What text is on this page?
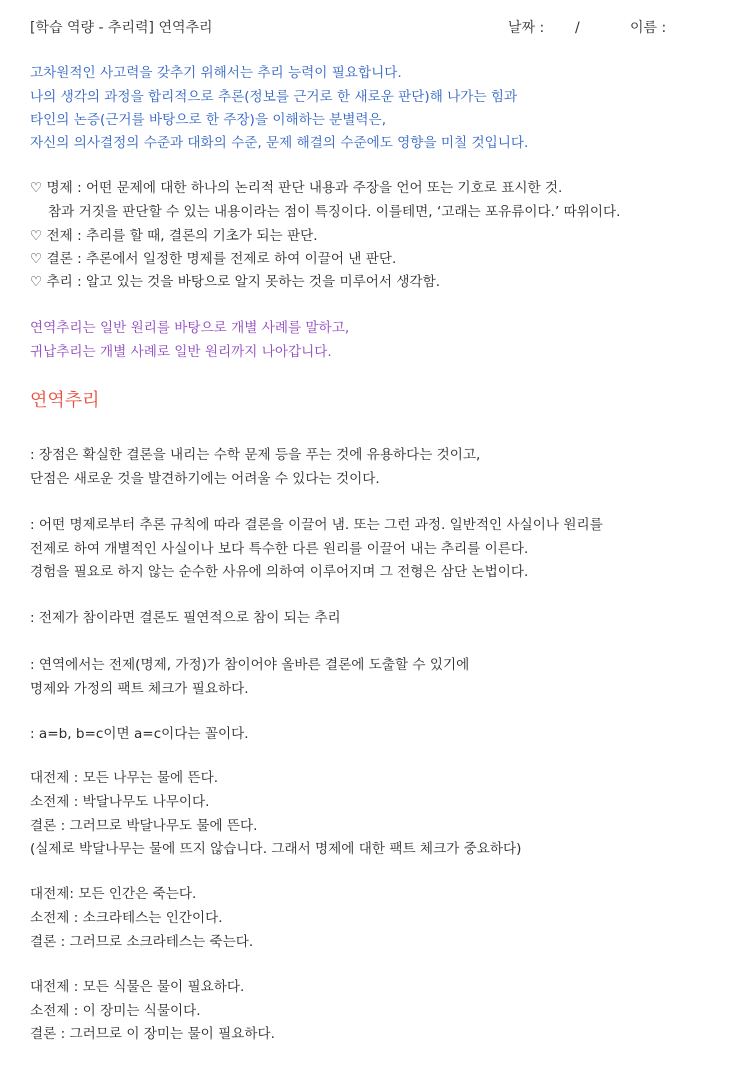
[학습 역량 - 추리력] 연역추리	날짜 : /	이름 :
고차원적인 사고력을 갖추기 위해서는 추리 능력이 필요합니다.
나의 생각의 과정을 합리적으로 추론(정보를 근거로 한 새로운 판단)해 나가는 힘과
타인의 논증(근거를 바탕으로 한 주장)을 이해하는 분별력은,
자신의 의사결정의 수준과 대화의 수준, 문제 해결의 수준에도 영향을 미칠 것입니다.
♡ 명제 : 어떤 문제에 대한 하나의 논리적 판단 내용과 주장을 언어 또는 기호로 표시한 것.
참과 거짓을 판단할 수 있는 내용이라는 점이 특징이다. 이를테면, ‘고래는 포유류이다.’ 따위이다.
♡ 전제 : 추리를 할 때, 결론의 기초가 되는 판단.
♡ 결론 : 추론에서 일정한 명제를 전제로 하여 이끌어 낸 판단.
♡ 추리 : 알고 있는 것을 바탕으로 알지 못하는 것을 미루어서 생각함.
연역추리는 일반 원리를 바탕으로 개별 사례를 말하고,
귀납추리는 개별 사례로 일반 원리까지 나아갑니다.
연역추리
: 장점은 확실한 결론을 내리는 수학 문제 등을 푸는 것에 유용하다는 것이고,
단점은 새로운 것을 발견하기에는 어려울 수 있다는 것이다.
: 어떤 명제로부터 추론 규칙에 따라 결론을 이끌어 냄. 또는 그런 과정. 일반적인 사실이나 원리를
전제로 하여 개별적인 사실이나 보다 특수한 다른 원리를 이끌어 내는 추리를 이른다.
경험을 필요로 하지 않는 순수한 사유에 의하여 이루어지며 그 전형은 삼단 논법이다.
: 전제가 참이라면 결론도 필연적으로 참이 되는 추리
: 연역에서는 전제(명제, 가정)가 참이어야 올바른 결론에 도출할 수 있기에
명제와 가정의 팩트 체크가 필요하다.
: a=b, b=c이면 a=c이다는 꼴이다.
대전제 : 모든 나무는 물에 뜬다.
소전제 : 박달나무도 나무이다.
결론 : 그러므로 박달나무도 물에 뜬다.
(실제로 박달나무는 물에 뜨지 않습니다. 그래서 명제에 대한 팩트 체크가 중요하다)
대전제: 모든 인간은 죽는다.
소전제 : 소크라테스는 인간이다.
결론 : 그러므로 소크라테스는 죽는다.
대전제 : 모든 식물은 물이 필요하다.
소전제 : 이 장미는 식물이다.
결론 : 그러므로 이 장미는 물이 필요하다.
